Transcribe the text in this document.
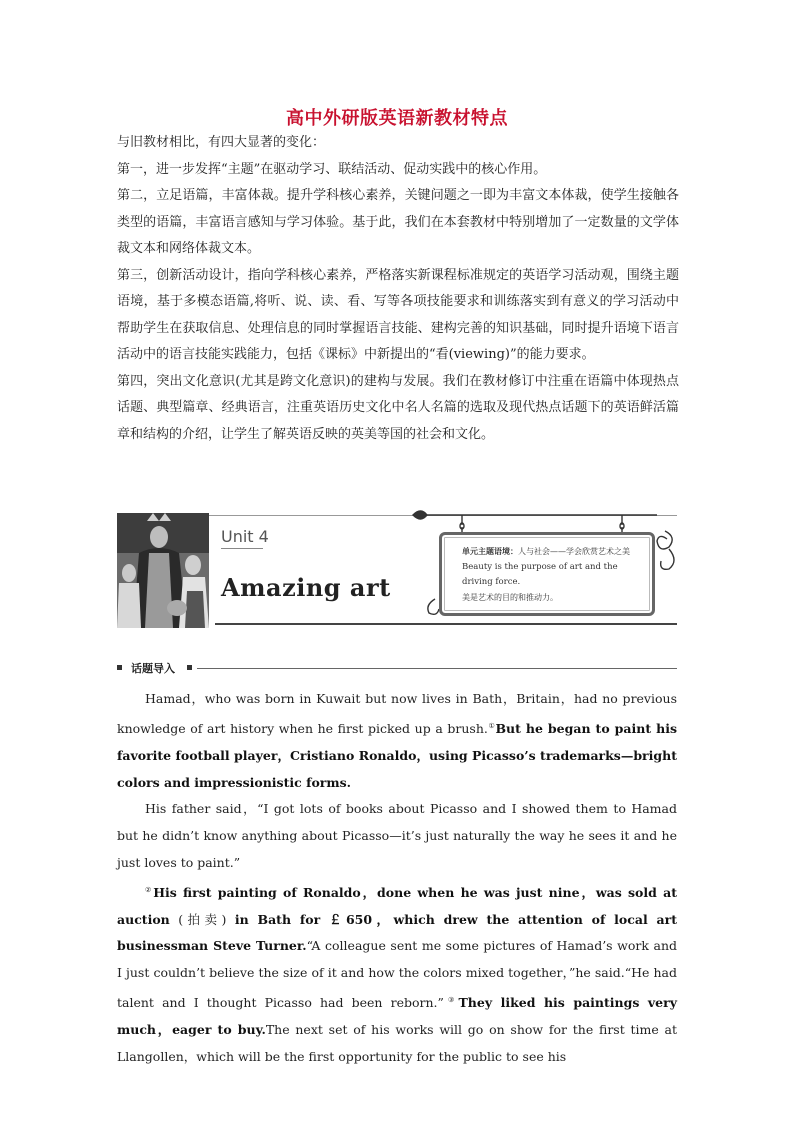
高中外研版英语新教材特点

与旧教材相比，有四大显著的变化：

第一，进一步发挥“主题”在驱动学习、联结活动、促动实践中的核心作用。

第二，立足语篇，丰富体裁。提升学科核心素养，关键问题之一即为丰富文本体裁，使学生接触各类型的语篇，丰富语言感知与学习体验。基于此，我们在本套教材中特别增加了一定数量的文学体裁文本和网络体裁文本。

第三，创新活动设计，指向学科核心素养，严格落实新课程标准规定的英语学习活动观，围绕主题语境，基于多模态语篇,将听、说、读、看、写等各项技能要求和训练落实到有意义的学习活动中帮助学生在获取信息、处理信息的同时掌握语言技能、建构完善的知识基础，同时提升语境下语言活动中的语言技能实践能力，包括《课标》中新提出的“看(viewing)”的能力要求。

第四，突出文化意识(尤其是跨文化意识)的建构与发展。我们在教材修订中注重在语篇中体现热点话题、典型篇章、经典语言，注重英语历史文化中名人名篇的选取及现代热点话题下的英语鲜活篇章和结构的介绍，让学生了解英语反映的英美等国的社会和文化。

Unit 4
Amazing art
单元主题语境：人与社会——学会欣赏艺术之美
Beauty is the purpose of art and the driving force.
美是艺术的目的和推动力。
话题导入

Hamad，who was born in Kuwait but now lives in Bath，Britain，had no previous knowledge of art history when he first picked up a brush.①But he began to paint his favorite football player，Cristiano Ronaldo，using Picasso’s trademarks—bright colors and impressionistic forms.

His father said，“I got lots of books about Picasso and I showed them to Hamad but he didn’t know anything about Picasso—it’s just naturally the way he sees it and he just loves to paint.”

②His first painting of Ronaldo，done when he was just nine，was sold at auction (拍卖) in Bath for ￡650，which drew the attention of local art businessman Steve Turner.“A colleague sent me some pictures of Hamad’s work and I just couldn’t believe the size of it and how the colors mixed together，”he said.“He had talent and I thought Picasso had been reborn.”③They liked his paintings very much，eager to buy.The next set of his works will go on show for the first time at Llangollen，which will be the first opportunity for the public to see his
